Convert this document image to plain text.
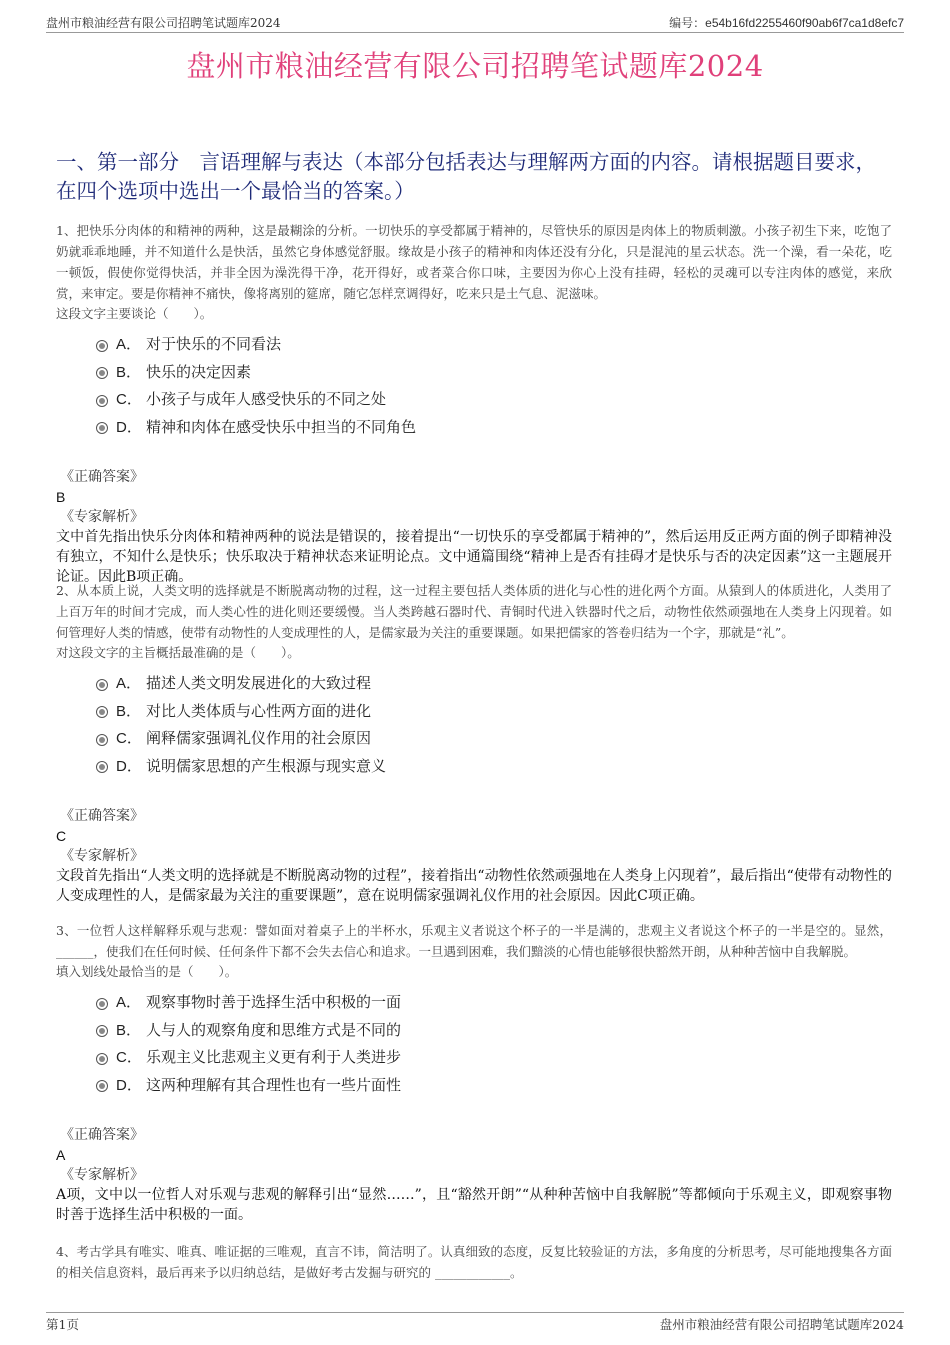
盘州市粮油经营有限公司招聘笔试题库2024	编号：e54b16fd2255460f90ab6f7ca1d8efc7
盘州市粮油经营有限公司招聘笔试题库2024
一、第一部分　言语理解与表达（本部分包括表达与理解两方面的内容。请根据题目要求，在四个选项中选出一个最恰当的答案。）

1、把快乐分肉体的和精神的两种，这是最糊涂的分析。一切快乐的享受都属于精神的，尽管快乐的原因是肉体上的物质刺激。小孩子初生下来，吃饱了奶就乖乖地睡，并不知道什么是快活，虽然它身体感觉舒服。缘故是小孩子的精神和肉体还没有分化，只是混沌的星云状态。洗一个澡，看一朵花，吃一顿饭，假使你觉得快活，并非全因为澡洗得干净，花开得好，或者菜合你口味，主要因为你心上没有挂碍，轻松的灵魂可以专注肉体的感觉，来欣赏，来审定。要是你精神不痛快，像将离别的筵席，随它怎样烹调得好，吃来只是土气息、泥滋味。

这段文字主要谈论（　　）。

A． 对于快乐的不同看法
B． 快乐的决定因素
C． 小孩子与成年人感受快乐的不同之处
D． 精神和肉体在感受快乐中担当的不同角色

《正确答案》

B

《专家解析》

文中首先指出快乐分肉体和精神两种的说法是错误的，接着提出“一切快乐的享受都属于精神的”，然后运用反正两方面的例子即精神没有独立，不知什么是快乐；快乐取决于精神状态来证明论点。文中通篇围绕“精神上是否有挂碍才是快乐与否的决定因素”这一主题展开论证。因此B项正确。

2、从本质上说，人类文明的选择就是不断脱离动物的过程，这一过程主要包括人类体质的进化与心性的进化两个方面。从猿到人的体质进化，人类用了上百万年的时间才完成，而人类心性的进化则还要缓慢。当人类跨越石器时代、青铜时代进入铁器时代之后，动物性依然顽强地在人类身上闪现着。如何管理好人类的情感，使带有动物性的人变成理性的人，是儒家最为关注的重要课题。如果把儒家的答卷归结为一个字，那就是“礼”。

对这段文字的主旨概括最准确的是（　　）。

A． 描述人类文明发展进化的大致过程
B． 对比人类体质与心性两方面的进化
C． 阐释儒家强调礼仪作用的社会原因
D． 说明儒家思想的产生根源与现实意义

《正确答案》

C

《专家解析》

文段首先指出“人类文明的选择就是不断脱离动物的过程”，接着指出“动物性依然顽强地在人类身上闪现着”，最后指出“使带有动物性的人变成理性的人，是儒家最为关注的重要课题”，意在说明儒家强调礼仪作用的社会原因。因此C项正确。

3、一位哲人这样解释乐观与悲观：譬如面对着桌子上的半杯水，乐观主义者说这个杯子的一半是满的，悲观主义者说这个杯子的一半是空的。显然，______，使我们在任何时候、任何条件下都不会失去信心和追求。一旦遇到困难，我们黯淡的心情也能够很快豁然开朗，从种种苦恼中自我解脱。

填入划线处最恰当的是（　　）。

A． 观察事物时善于选择生活中积极的一面
B． 人与人的观察角度和思维方式是不同的
C． 乐观主义比悲观主义更有利于人类进步
D． 这两种理解有其合理性也有一些片面性

《正确答案》

A

《专家解析》

A项，文中以一位哲人对乐观与悲观的解释引出“显然……”，且“豁然开朗”“从种种苦恼中自我解脱”等都倾向于乐观主义，即观察事物时善于选择生活中积极的一面。

4、考古学具有唯实、唯真、唯证据的三唯观，直言不讳，简洁明了。认真细致的态度，反复比较验证的方法，多角度的分析思考，尽可能地搜集各方面的相关信息资料，最后再来予以归纳总结，是做好考古发掘与研究的 ____________。

第1页	盘州市粮油经营有限公司招聘笔试题库2024
